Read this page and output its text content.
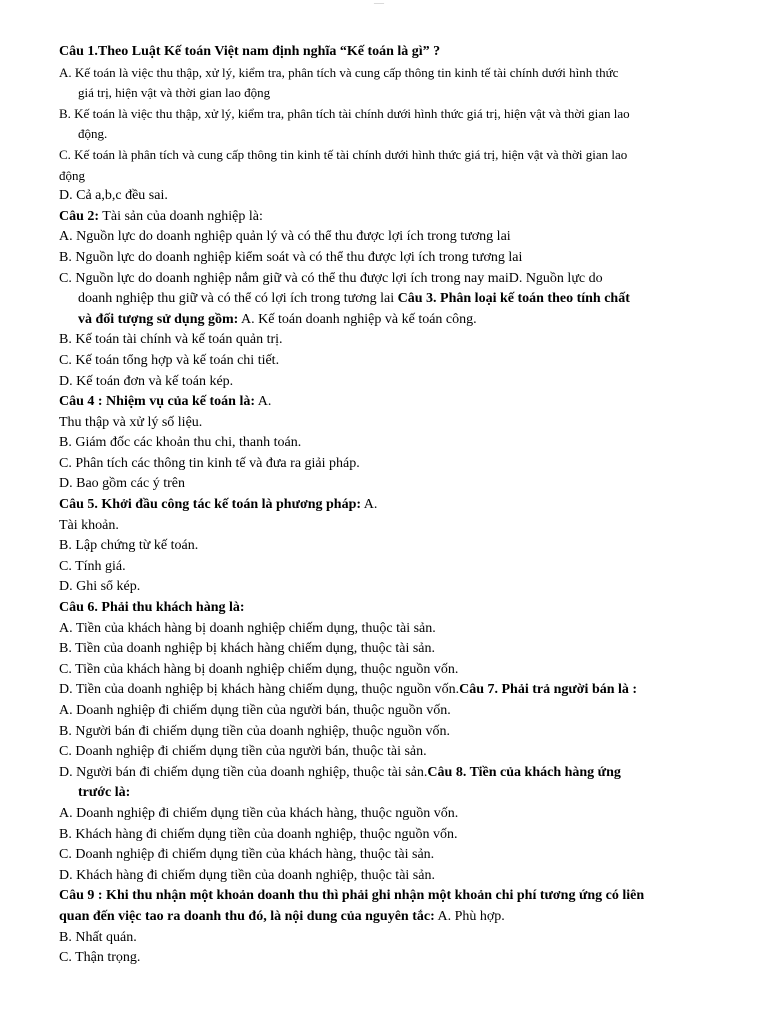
Câu 1.Theo Luật Kế toán Việt nam định nghĩa “Kế toán là gì” ?
A. Kế toán là việc thu thập, xử lý, kiểm tra, phân tích và cung cấp thông tin kinh tế tài chính dưới hình thức
giá trị, hiện vật và thời gian lao động
B. Kế toán là việc thu thập, xử lý, kiểm tra, phân tích tài chính dưới hình thức giá trị, hiện vật và thời gian lao
động.
C. Kế toán là phân tích và cung cấp thông tin kinh tế tài chính dưới hình thức giá trị, hiện vật và thời gian lao
động
D. Cả a,b,c đều sai.
Câu 2: Tài sản của doanh nghiệp là:
A. Nguồn lực do doanh nghiệp quản lý và có thể thu được lợi ích trong tương lai
B. Nguồn lực do doanh nghiệp kiểm soát và có thể thu được lợi ích trong tương lai
C. Nguồn lực do doanh nghiệp nắm giữ và có thể thu được lợi ích trong nay maiD. Nguồn lực do
doanh nghiệp thu giữ và có thể có lợi ích trong tương lai Câu 3. Phân loại kế toán theo tính chất
và đối tượng sử dụng gồm: A. Kế toán doanh nghiệp và kế toán công.
B. Kế toán tài chính và kế toán quản trị.
C. Kế toán tổng hợp và kế toán chi tiết.
D. Kế toán đơn và kế toán kép.
Câu 4 : Nhiệm vụ của kế toán là: A.
Thu thập và xử lý số liệu.
B. Giám đốc các khoản thu chi, thanh toán.
C. Phân tích các thông tin kinh tế và đưa ra giải pháp.
D. Bao gồm các ý trên
Câu 5. Khởi đầu công tác kế toán là phương pháp: A.
Tài khoản.
B. Lập chứng từ kế toán.
C. Tính giá.
D. Ghi sổ kép.
Câu 6. Phải thu khách hàng là:
A. Tiền của khách hàng bị doanh nghiệp chiếm dụng, thuộc tài sản.
B. Tiền của doanh nghiệp bị khách hàng chiếm dụng, thuộc tài sản.
C. Tiền của khách hàng bị doanh nghiệp chiếm dụng, thuộc nguồn vốn.
D. Tiền của doanh nghiệp bị khách hàng chiếm dụng, thuộc nguồn vốn.Câu 7. Phải trả người bán là :
A. Doanh nghiệp đi chiếm dụng tiền của người bán, thuộc nguồn vốn.
B. Người bán đi chiếm dụng tiền của doanh nghiệp, thuộc nguồn vốn.
C. Doanh nghiệp đi chiếm dụng tiền của người bán, thuộc tài sản.
D. Người bán đi chiếm dụng tiền của doanh nghiệp, thuộc tài sản.Câu 8. Tiền của khách hàng ứng
trước là:
A. Doanh nghiệp đi chiếm dụng tiền của khách hàng, thuộc nguồn vốn.
B. Khách hàng đi chiếm dụng tiền của doanh nghiệp, thuộc nguồn vốn.
C. Doanh nghiệp đi chiếm dụng tiền của khách hàng, thuộc tài sản.
D. Khách hàng đi chiếm dụng tiền của doanh nghiệp, thuộc tài sản.
Câu 9 : Khi thu nhận một khoản doanh thu thì phải ghi nhận một khoản chi phí tương ứng có liên
quan đến việc tao ra doanh thu đó, là nội dung của nguyên tắc: A. Phù hợp.
B. Nhất quán.
C. Thận trọng.
